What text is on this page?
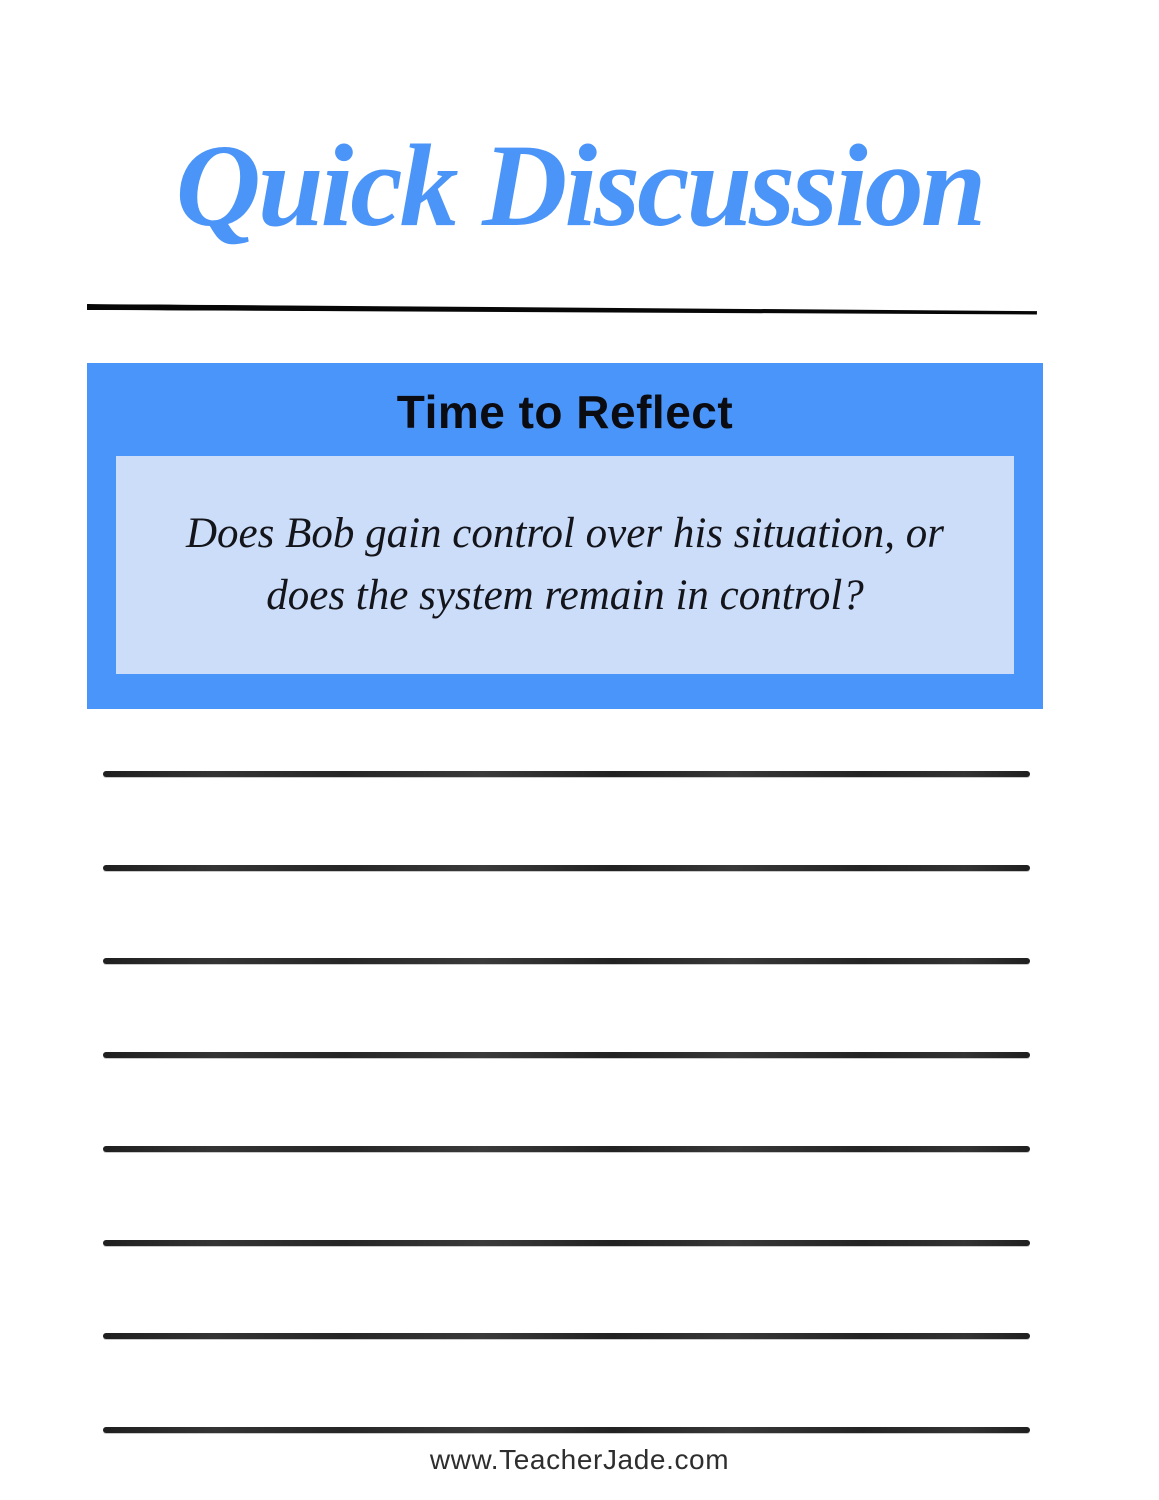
Quick Discussion
Time to Reflect

Does Bob gain control over his situation, or

does the system remain in control?

www.TeacherJade.com
